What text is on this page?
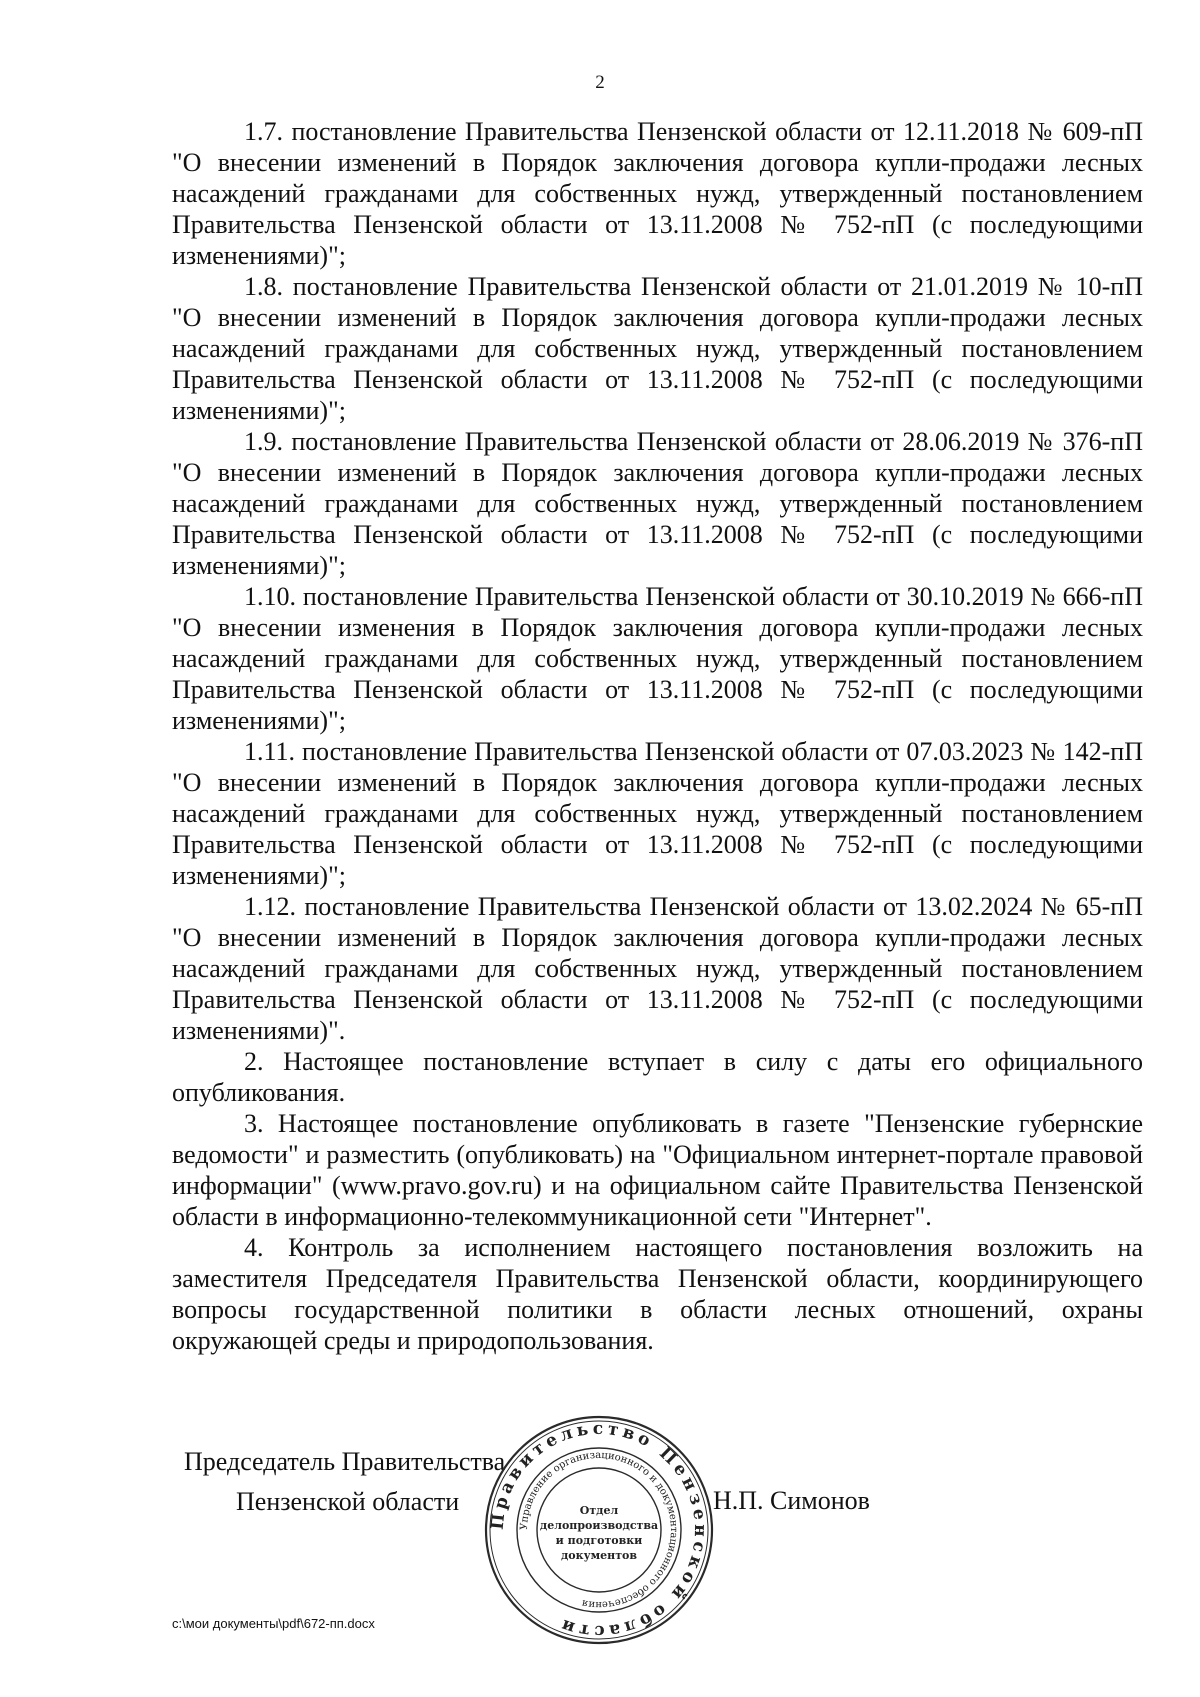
2

1.7. постановление Правительства Пензенской области от 12.11.2018 № 609-пП "О внесении изменений в Порядок заключения договора купли-продажи лесных насаждений гражданами для собственных нужд, утвержденный постановлением Правительства Пензенской области от 13.11.2008 № 752-пП (с последующими изменениями)";

1.8. постановление Правительства Пензенской области от 21.01.2019 № 10-пП "О внесении изменений в Порядок заключения договора купли-продажи лесных насаждений гражданами для собственных нужд, утвержденный постановлением Правительства Пензенской области от 13.11.2008 № 752-пП (с последующими изменениями)";

1.9. постановление Правительства Пензенской области от 28.06.2019 № 376-пП "О внесении изменений в Порядок заключения договора купли-продажи лесных насаждений гражданами для собственных нужд, утвержденный постановлением Правительства Пензенской области от 13.11.2008 № 752-пП (с последующими изменениями)";

1.10. постановление Правительства Пензенской области от 30.10.2019 № 666-пП "О внесении изменения в Порядок заключения договора купли-продажи лесных насаждений гражданами для собственных нужд, утвержденный постановлением Правительства Пензенской области от 13.11.2008 № 752-пП (с последующими изменениями)";

1.11. постановление Правительства Пензенской области от 07.03.2023 № 142-пП "О внесении изменений в Порядок заключения договора купли-продажи лесных насаждений гражданами для собственных нужд, утвержденный постановлением Правительства Пензенской области от 13.11.2008 № 752-пП (с последующими изменениями)";

1.12. постановление Правительства Пензенской области от 13.02.2024 № 65-пП "О внесении изменений в Порядок заключения договора купли-продажи лесных насаждений гражданами для собственных нужд, утвержденный постановлением Правительства Пензенской области от 13.11.2008 № 752-пП (с последующими изменениями)".

2. Настоящее постановление вступает в силу с даты его официального опубликования.

3. Настоящее постановление опубликовать в газете "Пензенские губернские ведомости" и разместить (опубликовать) на "Официальном интернет-портале правовой информации" (www.pravo.gov.ru) и на официальном сайте Правительства Пензенской области в информационно-телекоммуникационной сети "Интернет".

4. Контроль за исполнением настоящего постановления возложить на заместителя Председателя Правительства Пензенской области, координирующего вопросы государственной политики в области лесных отношений, охраны окружающей среды и природопользования.

Председатель Правительства
Пензенской области	Н.П. Симонов
Правительство Пензенской области
Управление организационного и документационного обеспечения
Отдел
делопроизводства
и подготовки
документов
c:\мои документы\pdf\672-пп.docx
